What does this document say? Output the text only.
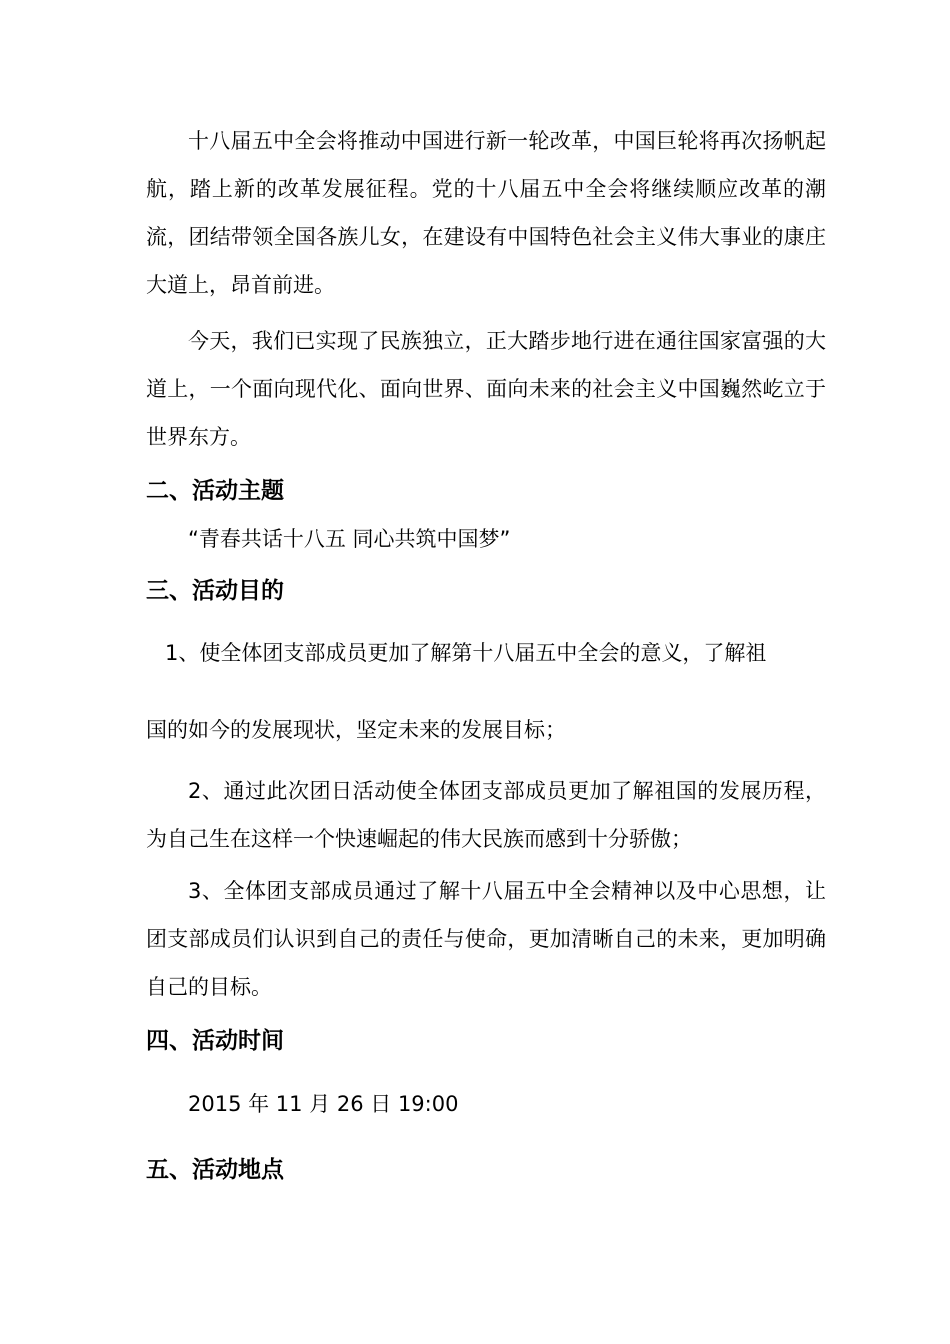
十八届五中全会将推动中国进行新一轮改革，中国巨轮将再次扬帆起航，踏上新的改革发展征程。党的十八届五中全会将继续顺应改革的潮流，团结带领全国各族儿女，在建设有中国特色社会主义伟大事业的康庄大道上，昂首前进。

今天，我们已实现了民族独立，正大踏步地行进在通往国家富强的大道上，一个面向现代化、面向世界、面向未来的社会主义中国巍然屹立于世界东方。

二、活动主题

“青春共话十八五 同心共筑中国梦”

三、活动目的

1、使全体团支部成员更加了解第十八届五中全会的意义，了解祖

国的如今的发展现状，坚定未来的发展目标；

2、通过此次团日活动使全体团支部成员更加了解祖国的发展历程，为自己生在这样一个快速崛起的伟大民族而感到十分骄傲；

3、全体团支部成员通过了解十八届五中全会精神以及中心思想，让团支部成员们认识到自己的责任与使命，更加清晰自己的未来，更加明确自己的目标。

四、活动时间

2015 年 11 月 26 日 19:00

五、活动地点
